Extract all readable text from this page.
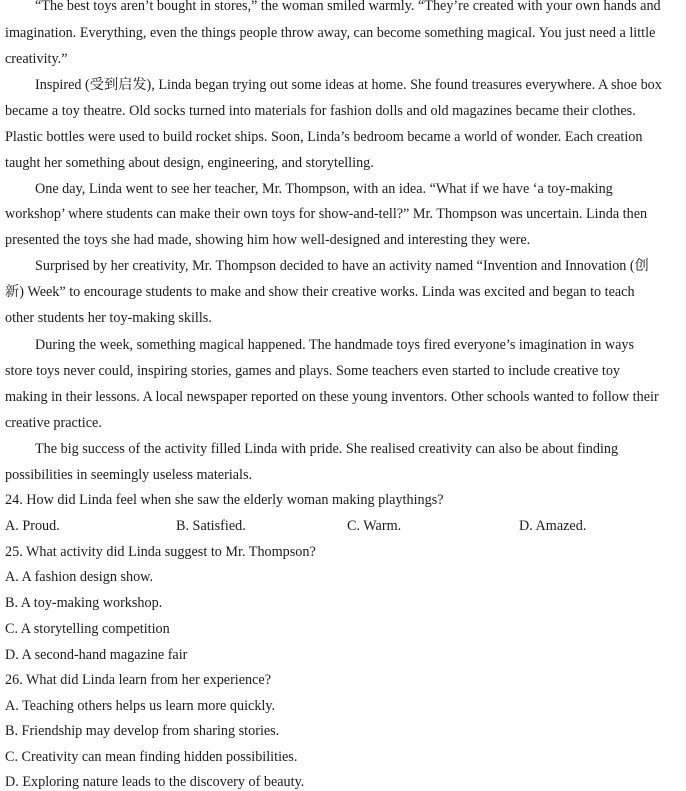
“The best toys aren’t bought in stores,” the woman smiled warmly. “They’re created with your own hands and
imagination. Everything, even the things people throw away, can become something magical. You just need a little
creativity.”
Inspired (受到启发), Linda began trying out some ideas at home. She found treasures everywhere. A shoe box
became a toy theatre. Old socks turned into materials for fashion dolls and old magazines became their clothes.
Plastic bottles were used to build rocket ships. Soon, Linda’s bedroom became a world of wonder. Each creation
taught her something about design, engineering, and storytelling.
One day, Linda went to see her teacher, Mr. Thompson, with an idea. “What if we have ‘a toy-making
workshop’ where students can make their own toys for show-and-tell?” Mr. Thompson was uncertain. Linda then
presented the toys she had made, showing him how well-designed and interesting they were.
Surprised by her creativity, Mr. Thompson decided to have an activity named “Invention and Innovation (创
新) Week” to encourage students to make and show their creative works. Linda was excited and began to teach
other students her toy-making skills.
During the week, something magical happened. The handmade toys fired everyone’s imagination in ways
store toys never could, inspiring stories, games and plays. Some teachers even started to include creative toy
making in their lessons. A local newspaper reported on these young inventors. Other schools wanted to follow their
creative practice.
The big success of the activity filled Linda with pride. She realised creativity can also be about finding
possibilities in seemingly useless materials.
24. How did Linda feel when she saw the elderly woman making playthings?
A. Proud.	B. Satisfied.	C. Warm.	D. Amazed.
25. What activity did Linda suggest to Mr. Thompson?
A. A fashion design show.
B. A toy-making workshop.
C. A storytelling competition
D. A second-hand magazine fair
26. What did Linda learn from her experience?
A. Teaching others helps us learn more quickly.
B. Friendship may develop from sharing stories.
C. Creativity can mean finding hidden possibilities.
D. Exploring nature leads to the discovery of beauty.
